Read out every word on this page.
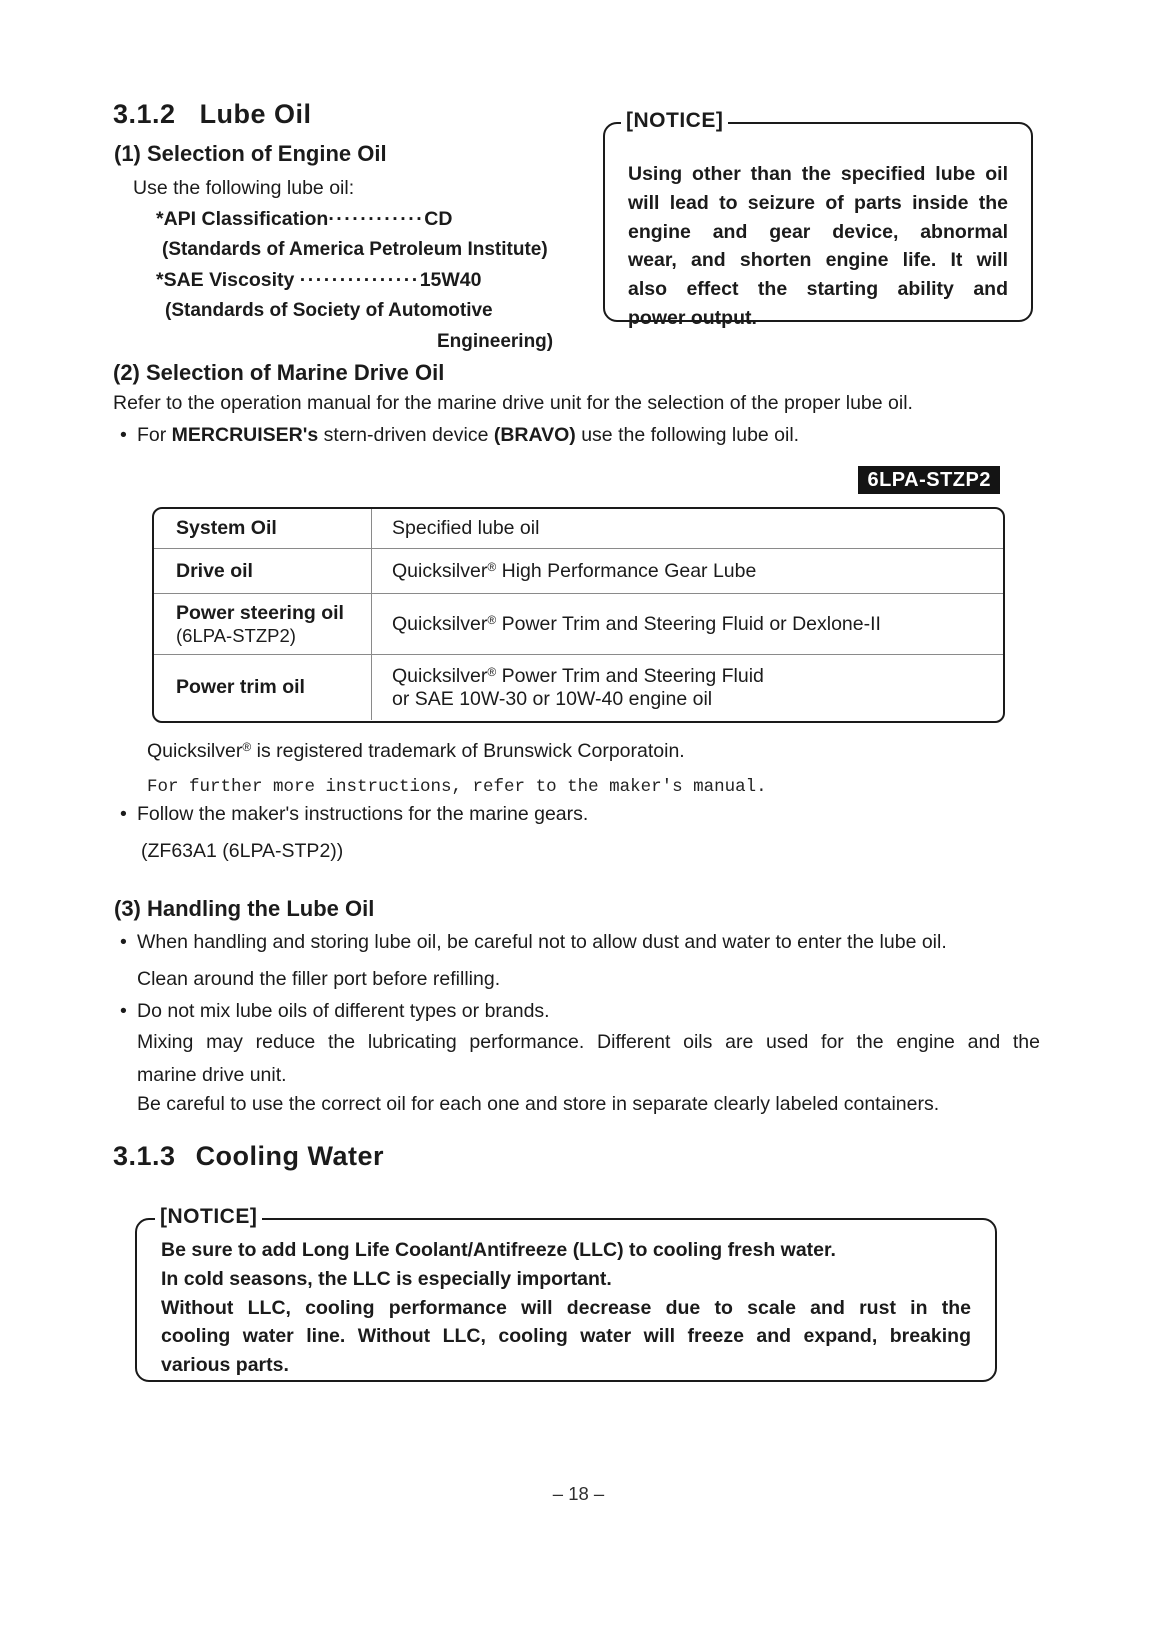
3.1.2 Lube Oil
(1) Selection of Engine Oil
Use the following lube oil:
*API Classification············CD
(Standards of America Petroleum Institute)
*SAE Viscosity ···············15W40
(Standards of Society of Automotive
Engineering)
[NOTICE]
Using other than the specified lube oil
will lead to seizure of parts inside the
engine and gear device, abnormal
wear, and shorten engine life. It will
also effect the starting ability and
power output.
(2) Selection of Marine Drive Oil
Refer to the operation manual for the marine drive unit for the selection of the proper lube oil.
• For MERCRUISER's stern-driven device (BRAVO) use the following lube oil.
6LPA-STZP2
System Oil	Specified lube oil
Drive oil	Quicksilver® High Performance Gear Lube
Power steering oil
(6LPA-STZP2)
Quicksilver® Power Trim and Steering Fluid or Dexlone-II
Power trim oil
Quicksilver® Power Trim and Steering Fluid
or SAE 10W-30 or 10W-40 engine oil
Quicksilver® is registered trademark of Brunswick Corporatoin.
For further more instructions, refer to the maker's manual.
• Follow the maker's instructions for the marine gears.
(ZF63A1 (6LPA-STP2))
(3) Handling the Lube Oil
• When handling and storing lube oil, be careful not to allow dust and water to enter the lube oil.
Clean around the filler port before refilling.
• Do not mix lube oils of different types or brands.
Mixing may reduce the lubricating performance. Different oils are used for the engine and the
marine drive unit.
Be careful to use the correct oil for each one and store in separate clearly labeled containers.
3.1.3 Cooling Water
[NOTICE]
Be sure to add Long Life Coolant/Antifreeze (LLC) to cooling fresh water.
In cold seasons, the LLC is especially important.
Without LLC, cooling performance will decrease due to scale and rust in the
cooling water line. Without LLC, cooling water will freeze and expand, breaking
various parts.
– 18 –
